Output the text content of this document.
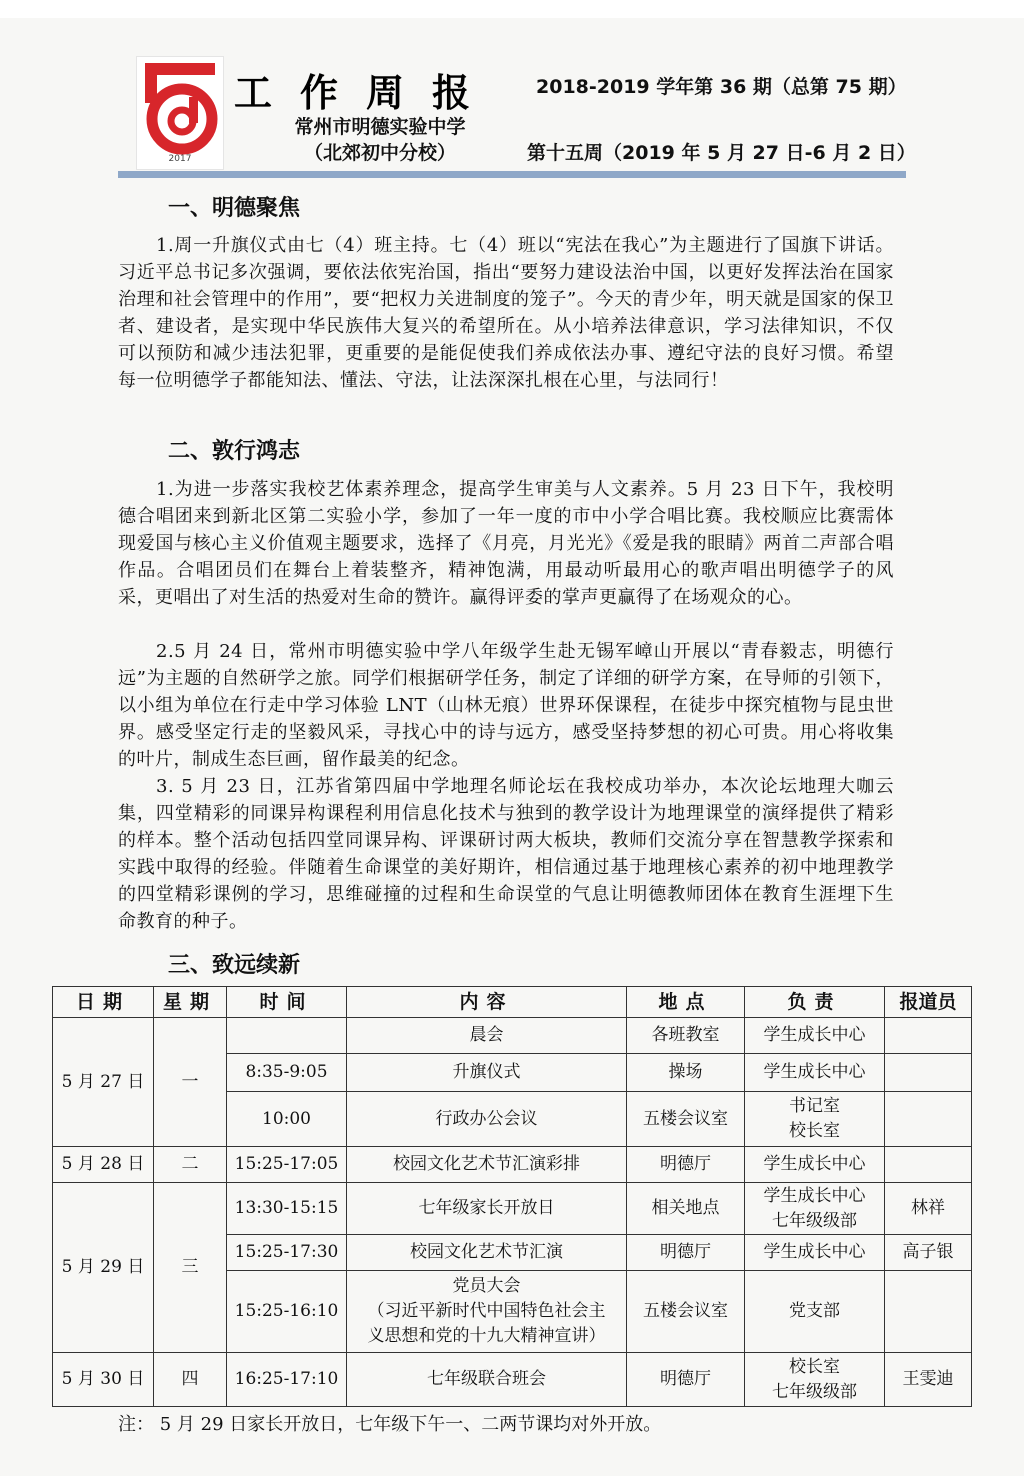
2017
工作周报	2018-2019 学年第 36 期（总第 75 期）
常州市明德实验中学
（北郊初中分校）	第十五周（2019 年 5 月 27 日-6 月 2 日）
一、明德聚焦
1.周一升旗仪式由七（4）班主持。七（4）班以“宪法在我心”为主题进行了国旗下讲话。习近平总书记多次强调，要依法依宪治国，指出“要努力建设法治中国，以更好发挥法治在国家治理和社会管理中的作用”，要“把权力关进制度的笼子”。今天的青少年，明天就是国家的保卫者、建设者，是实现中华民族伟大复兴的希望所在。从小培养法律意识，学习法律知识，不仅可以预防和减少违法犯罪，更重要的是能促使我们养成依法办事、遵纪守法的良好习惯。希望每一位明德学子都能知法、懂法、守法，让法深深扎根在心里，与法同行！
二、敦行鸿志
1.为进一步落实我校艺体素养理念，提高学生审美与人文素养。5 月 23 日下午，我校明德合唱团来到新北区第二实验小学，参加了一年一度的市中小学合唱比赛。我校顺应比赛需体现爱国与核心主义价值观主题要求，选择了《月亮，月光光》《爱是我的眼睛》两首二声部合唱作品。合唱团员们在舞台上着装整齐，精神饱满，用最动听最用心的歌声唱出明德学子的风采，更唱出了对生活的热爱对生命的赞许。赢得评委的掌声更赢得了在场观众的心。
2.5 月 24 日，常州市明德实验中学八年级学生赴无锡军嶂山开展以“青春毅志，明德行远”为主题的自然研学之旅。同学们根据研学任务，制定了详细的研学方案，在导师的引领下，以小组为单位在行走中学习体验 LNT（山林无痕）世界环保课程，在徒步中探究植物与昆虫世界。感受坚定行走的坚毅风采，寻找心中的诗与远方，感受坚持梦想的初心可贵。用心将收集的叶片，制成生态巨画，留作最美的纪念。
3. 5 月 23 日，江苏省第四届中学地理名师论坛在我校成功举办，本次论坛地理大咖云集，四堂精彩的同课异构课程利用信息化技术与独到的教学设计为地理课堂的演绎提供了精彩的样本。整个活动包括四堂同课异构、评课研讨两大板块，教师们交流分享在智慧教学探索和实践中取得的经验。伴随着生命课堂的美好期许，相信通过基于地理核心素养的初中地理教学的四堂精彩课例的学习，思维碰撞的过程和生命误堂的气息让明德教师团体在教育生涯埋下生命教育的种子。
三、致远续新
日期	星期	时间	内容	地点	负责	报道员
5 月 27 日	一		晨会	各班教室	学生成长中心	

		8:35-9:05	升旗仪式	操场	学生成长中心	

		10:00	行政办公会议	五楼会议室	书记室
校长室	

5 月 28 日	二	15:25-17:05	校园文化艺术节汇演彩排	明德厅	学生成长中心	

5 月 29 日	三	13:30-15:15	七年级家长开放日	相关地点	学生成长中心
七年级级部	林祥
		15:25-17:30	校园文化艺术节汇演	明德厅	学生成长中心	高子银
		15:25-16:10	党员大会
（习近平新时代中国特色社会主
义思想和党的十九大精神宣讲）	五楼会议室	党支部	

5 月 30 日	四	16:25-17:10	七年级联合班会	明德厅	校长室
七年级级部	王雯迪
注： 5 月 29 日家长开放日，七年级下午一、二两节课均对外开放。
